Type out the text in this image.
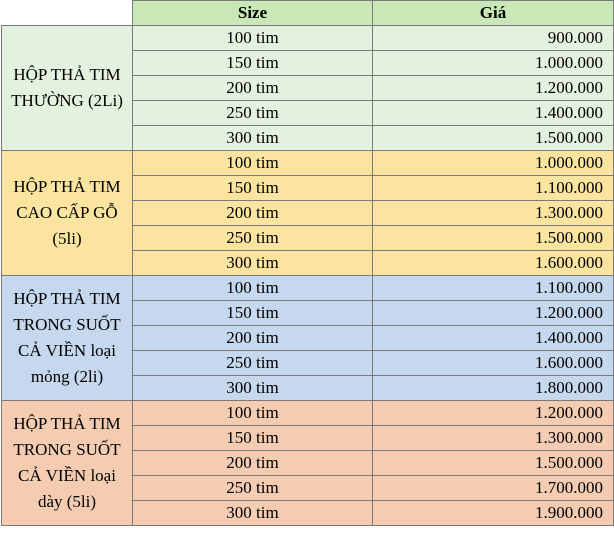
	Size	Giá
HỘP THẢ TIM THƯỜNG (2Li)	100 tim	900.000
	150 tim	1.000.000
	200 tim	1.200.000
	250 tim	1.400.000
	300 tim	1.500.000
HỘP THẢ TIM CAO CẤP GỖ (5li)	100 tim	1.000.000
	150 tim	1.100.000
	200 tim	1.300.000
	250 tim	1.500.000
	300 tim	1.600.000
HỘP THẢ TIM TRONG SUỐT CẢ VIỀN loại mỏng (2li)	100 tim	1.100.000
	150 tim	1.200.000
	200 tim	1.400.000
	250 tim	1.600.000
	300 tim	1.800.000
HỘP THẢ TIM TRONG SUỐT CẢ VIỀN loại dày (5li)	100 tim	1.200.000
	150 tim	1.300.000
	200 tim	1.500.000
	250 tim	1.700.000
	300 tim	1.900.000
